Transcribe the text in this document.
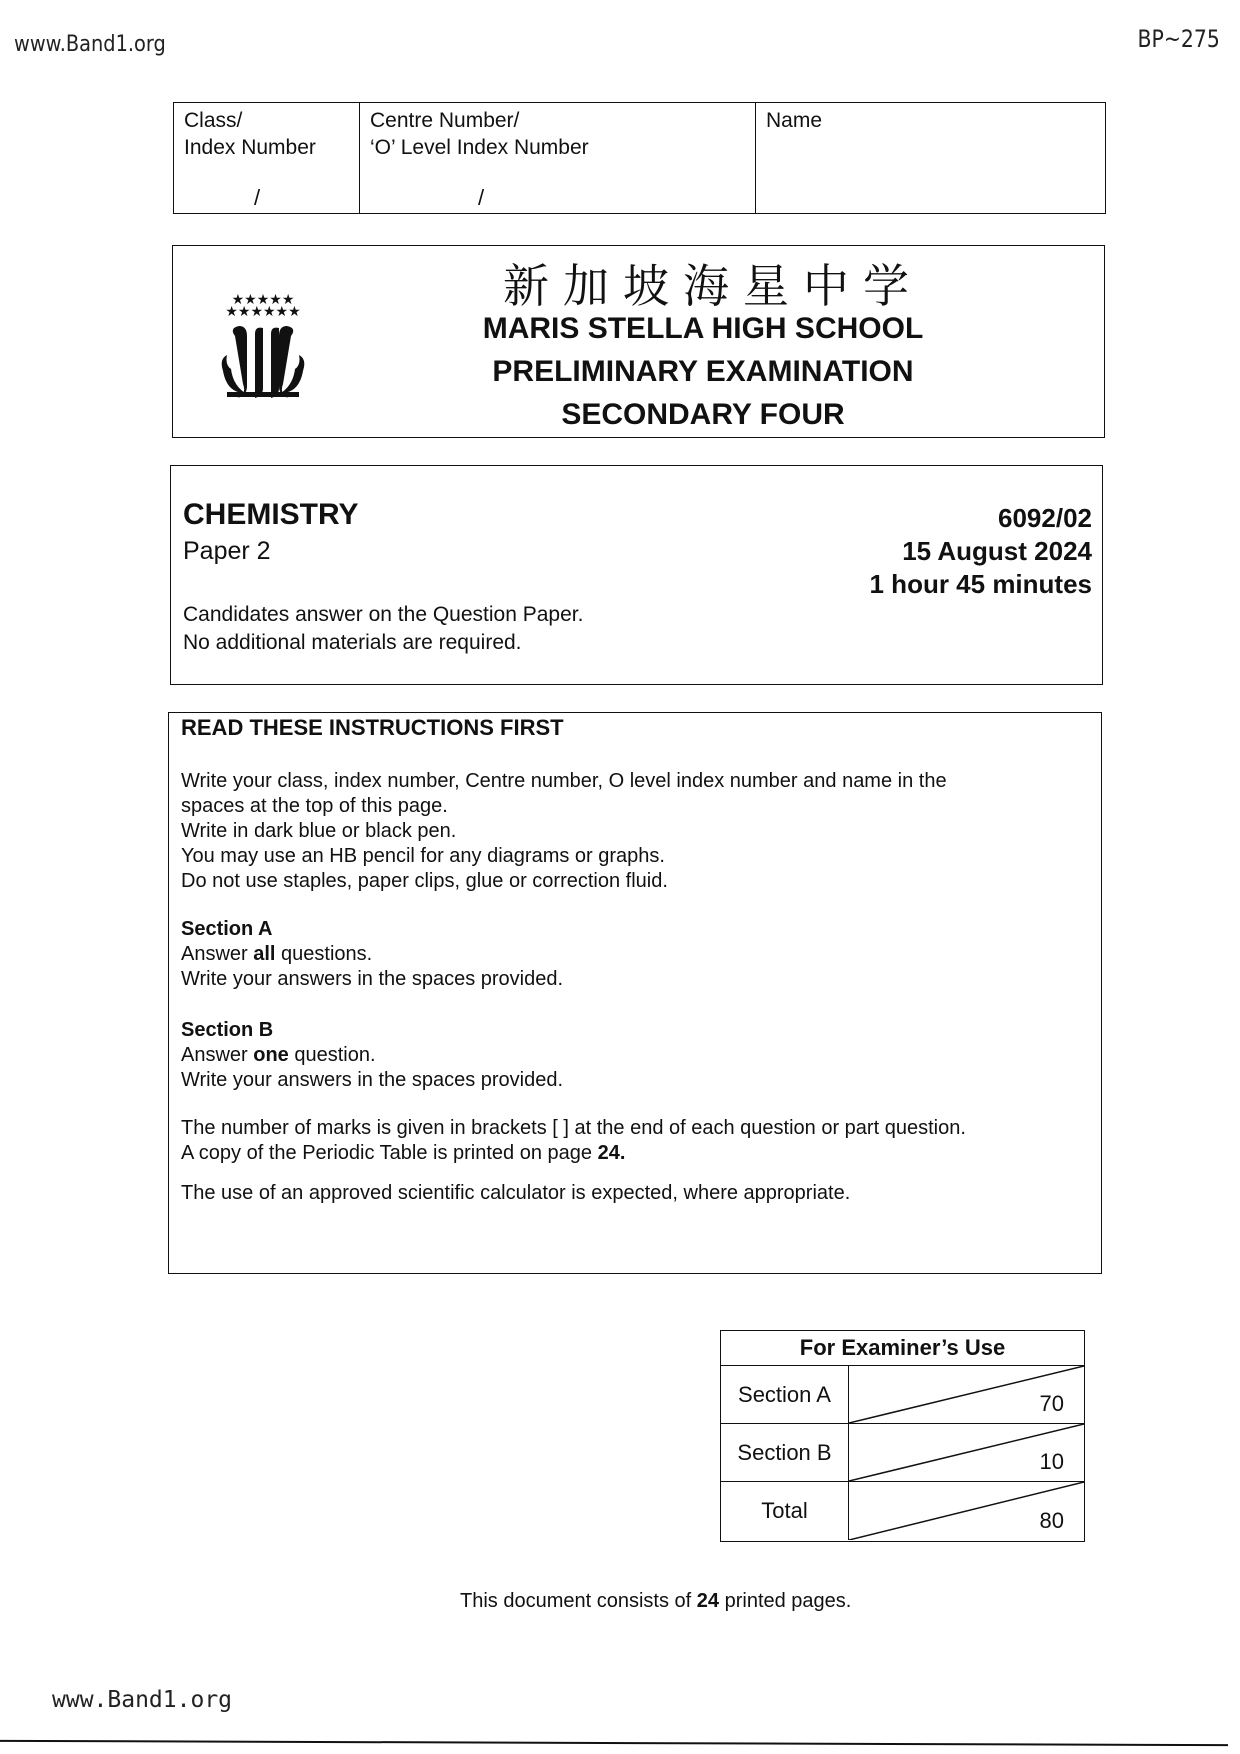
www.Band1.org	BP~275
Class/
Index Number
/
Centre Number/
‘O’ Level Index Number
/
Name
★★★★★
★★★★★★	新加坡海星中学
MARIS STELLA HIGH SCHOOL
PRELIMINARY EXAMINATION
SECONDARY FOUR
CHEMISTRY
Paper 2
6092/02
15 August 2024
1 hour 45 minutes
Candidates answer on the Question Paper.
No additional materials are required.
READ THESE INSTRUCTIONS FIRST
Write your class, index number, Centre number, O level index number and name in the
spaces at the top of this page.
Write in dark blue or black pen.
You may use an HB pencil for any diagrams or graphs.
Do not use staples, paper clips, glue or correction fluid.
Section A
Answer all questions.
Write your answers in the spaces provided.
Section B
Answer one question.
Write your answers in the spaces provided.
The number of marks is given in brackets [ ] at the end of each question or part question.
A copy of the Periodic Table is printed on page 24.
The use of an approved scientific calculator is expected, where appropriate.
For Examiner’s Use
Section A	70
Section B	10
Total	80
This document consists of 24 printed pages.
www.Band1.org
